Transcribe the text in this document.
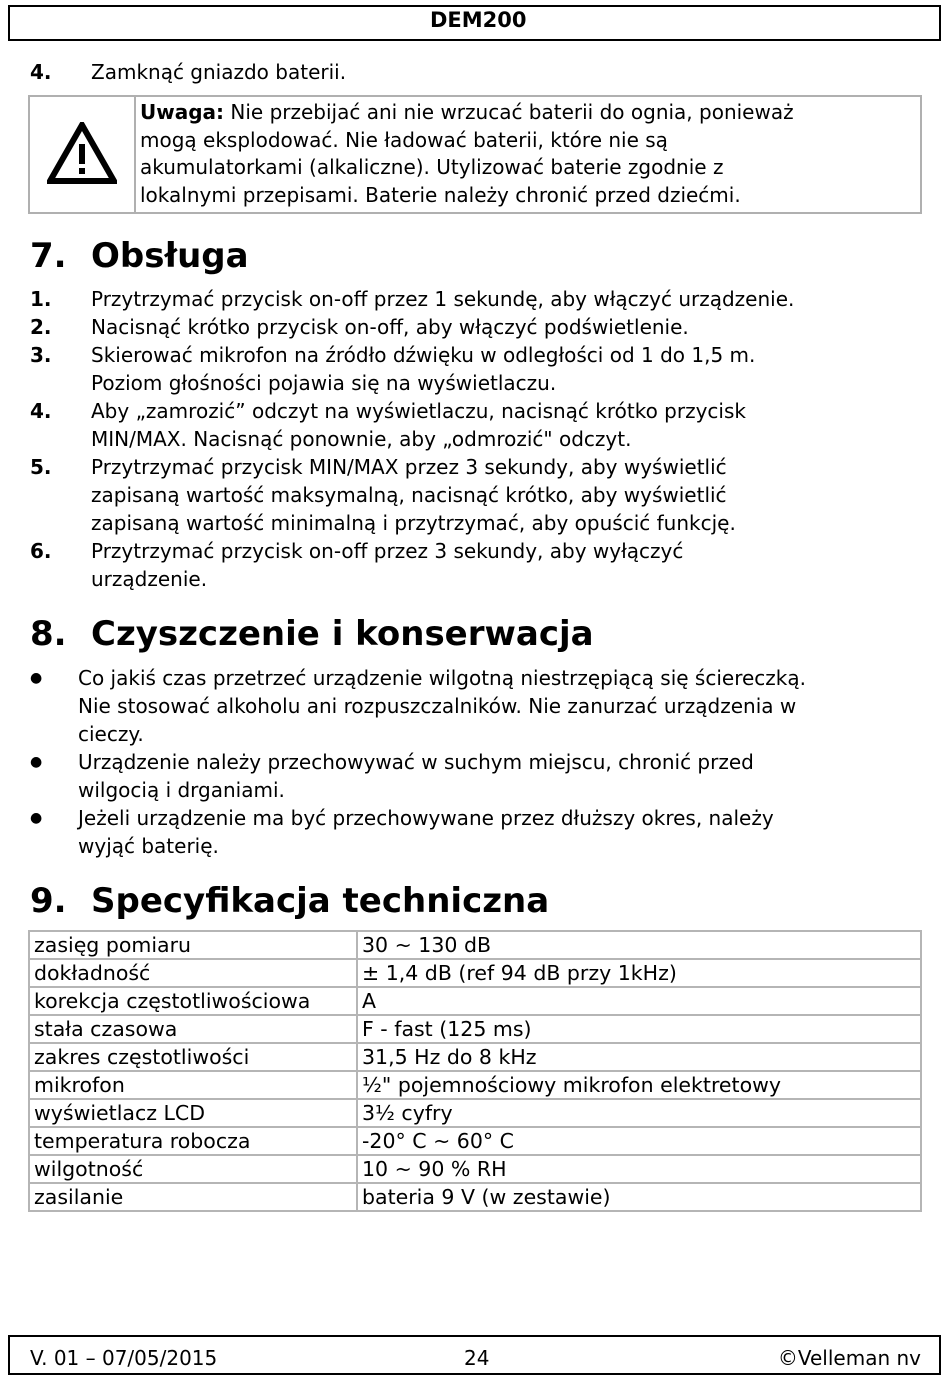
DEM200
4. Zamknąć gniazdo baterii.
Uwaga: Nie przebijać ani nie wrzucać baterii do ognia, ponieważ
mogą eksplodować. Nie ładować baterii, które nie są
akumulatorkami (alkaliczne). Utylizować baterie zgodnie z
lokalnymi przepisami. Baterie należy chronić przed dziećmi.
7. Obsługa
1. Przytrzymać przycisk on-off przez 1 sekundę, aby włączyć urządzenie.
2. Nacisnąć krótko przycisk on-off, aby włączyć podświetlenie.
3. Skierować mikrofon na źródło dźwięku w odległości od 1 do 1,5 m.
Poziom głośności pojawia się na wyświetlaczu.
4. Aby „zamrozić” odczyt na wyświetlaczu, nacisnąć krótko przycisk
MIN/MAX. Nacisnąć ponownie, aby „odmrozić" odczyt.
5. Przytrzymać przycisk MIN/MAX przez 3 sekundy, aby wyświetlić
zapisaną wartość maksymalną, nacisnąć krótko, aby wyświetlić
zapisaną wartość minimalną i przytrzymać, aby opuścić funkcję.
6. Przytrzymać przycisk on-off przez 3 sekundy, aby wyłączyć
urządzenie.
8. Czyszczenie i konserwacja
● Co jakiś czas przetrzeć urządzenie wilgotną niestrzępiącą się ściereczką.
Nie stosować alkoholu ani rozpuszczalników. Nie zanurzać urządzenia w
cieczy.
● Urządzenie należy przechowywać w suchym miejscu, chronić przed
wilgocią i drganiami.
● Jeżeli urządzenie ma być przechowywane przez dłuższy okres, należy
wyjąć baterię.
9. Specyfikacja techniczna
zasięg pomiaru	30 ~ 130 dB
dokładność	± 1,4 dB (ref 94 dB przy 1kHz)
korekcja częstotliwościowa	A
stała czasowa	F - fast (125 ms)
zakres częstotliwości	31,5 Hz do 8 kHz
mikrofon	½" pojemnościowy mikrofon elektretowy
wyświetlacz LCD	3½ cyfry
temperatura robocza	-20° C ~ 60° C
wilgotność	10 ~ 90 % RH
zasilanie	bateria 9 V (w zestawie)
V. 01 – 07/05/2015	24	©Velleman nv
